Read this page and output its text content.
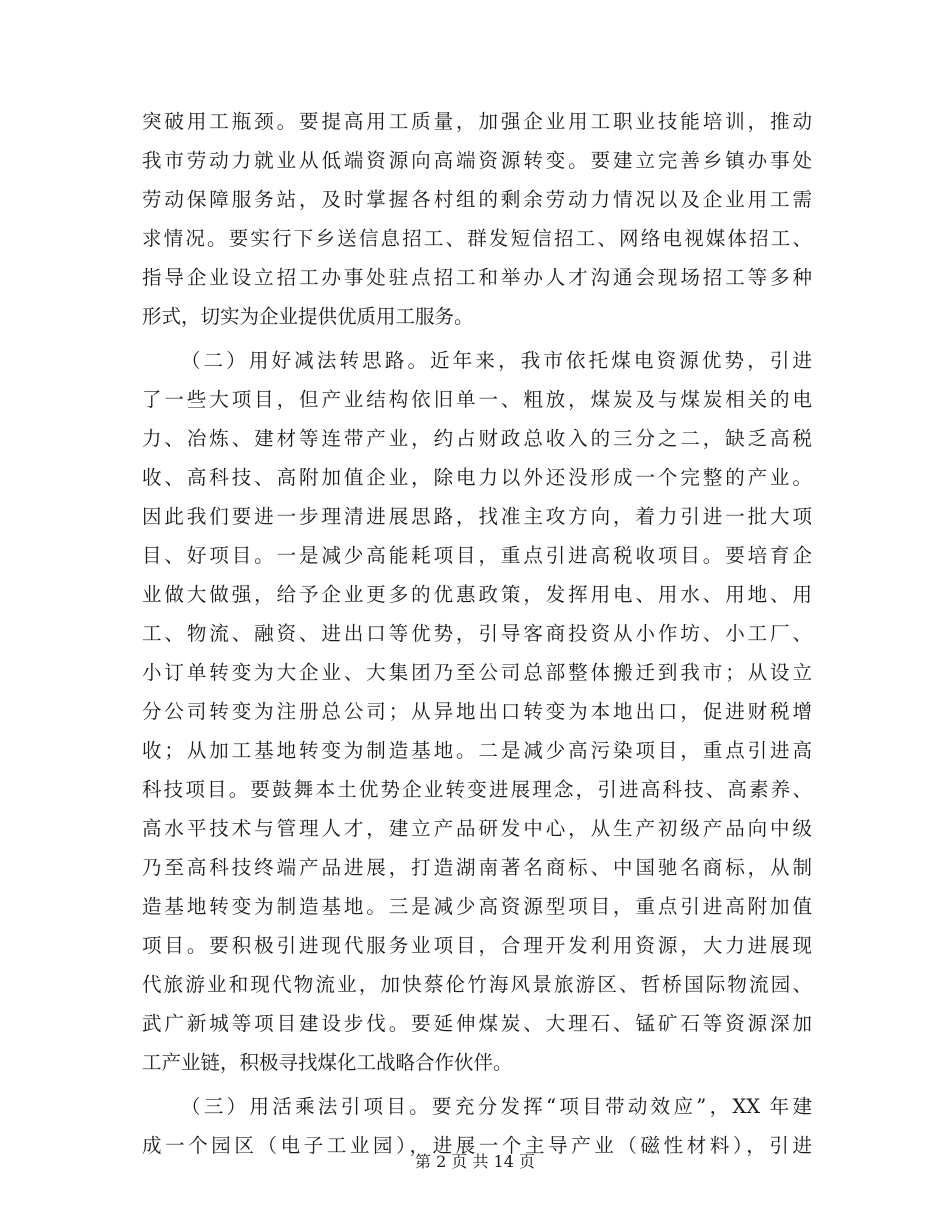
突破用工瓶颈。要提高用工质量，加强企业用工职业技能培训，推动
我市劳动力就业从低端资源向高端资源转变。要建立完善乡镇办事处
劳动保障服务站，及时掌握各村组的剩余劳动力情况以及企业用工需
求情况。要实行下乡送信息招工、群发短信招工、网络电视媒体招工、
指导企业设立招工办事处驻点招工和举办人才沟通会现场招工等多种
形式，切实为企业提供优质用工服务。
（二）用好减法转思路。近年来，我市依托煤电资源优势，引进
了一些大项目，但产业结构依旧单一、粗放，煤炭及与煤炭相关的电
力、冶炼、建材等连带产业，约占财政总收入的三分之二，缺乏高税
收、高科技、高附加值企业，除电力以外还没形成一个完整的产业。
因此我们要进一步理清进展思路，找准主攻方向，着力引进一批大项
目、好项目。一是减少高能耗项目，重点引进高税收项目。要培育企
业做大做强，给予企业更多的优惠政策，发挥用电、用水、用地、用
工、物流、融资、进出口等优势，引导客商投资从小作坊、小工厂、
小订单转变为大企业、大集团乃至公司总部整体搬迁到我市；从设立
分公司转变为注册总公司；从异地出口转变为本地出口，促进财税增
收；从加工基地转变为制造基地。二是减少高污染项目，重点引进高
科技项目。要鼓舞本土优势企业转变进展理念，引进高科技、高素养、
高水平技术与管理人才，建立产品研发中心，从生产初级产品向中级
乃至高科技终端产品进展，打造湖南著名商标、中国驰名商标，从制
造基地转变为制造基地。三是减少高资源型项目，重点引进高附加值
项目。要积极引进现代服务业项目，合理开发利用资源，大力进展现
代旅游业和现代物流业，加快蔡伦竹海风景旅游区、哲桥国际物流园、
武广新城等项目建设步伐。要延伸煤炭、大理石、锰矿石等资源深加
工产业链，积极寻找煤化工战略合作伙伴。
（三）用活乘法引项目。要充分发挥“项目带动效应”，XX 年建
成一个园区（电子工业园），进展一个主导产业（磁性材料），引进
第 2 页 共 14 页
